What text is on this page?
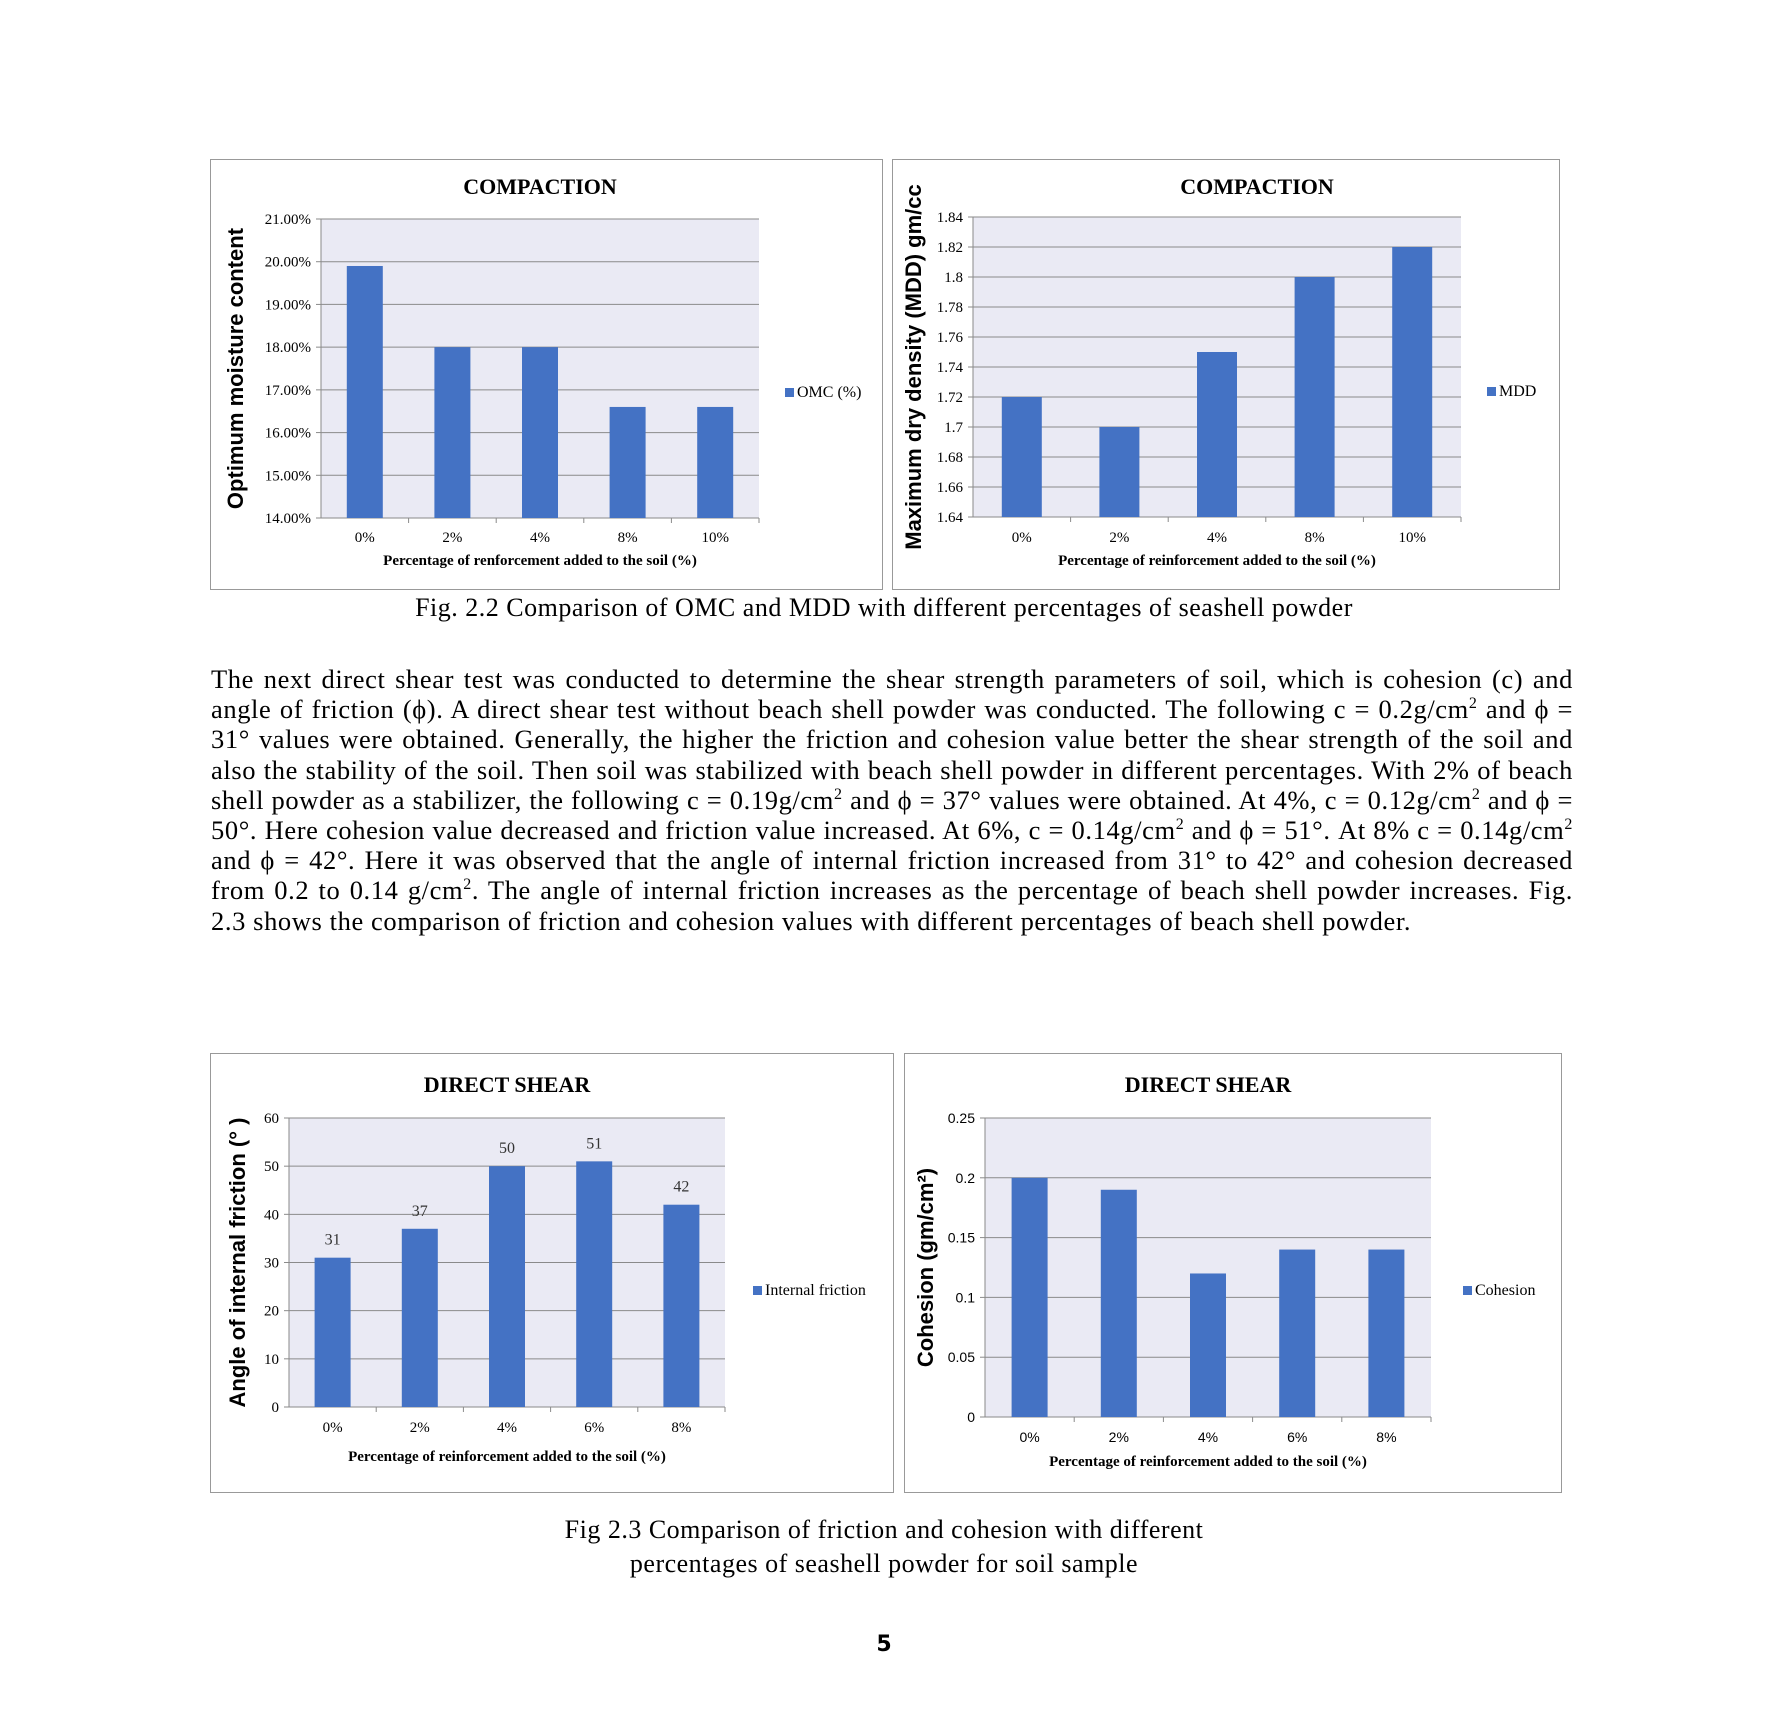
14.00%
15.00%
16.00%
17.00%
18.00%
19.00%
20.00%
21.00%
0%	2%	4%	8%	10%
COMPACTION
Percentage of renforcement added to the soil (%)
Optimum moisture content	OMC (%)
1.64
1.66
1.68
1.7
1.72
1.74
1.76
1.78
1.8
1.82
1.84
0%	2%	4%	8%	10%
COMPACTION
Percentage of reinforcement added to the soil (%)
Maximum dry density (MDD) gm/cc	MDD
Fig. 2.2 Comparison of OMC and MDD with different percentages of seashell powder

The next direct shear test was conducted to determine the shear strength parameters of soil, which is cohesion (c) and angle of friction (ϕ). A direct shear test without beach shell powder was conducted. The following $c = 0.2g/cm^2$ and ϕ = 31° values were obtained. Generally, the higher the friction and cohesion value better the shear strength of the soil and also the stability of the soil. Then soil was stabilized with beach shell powder in different percentages. With 2% of beach shell powder as a stabilizer, the following $c = 0.19g/cm^2$ and ϕ = 37° values were obtained. At 4%, $c = 0.12g/cm^2$ and ϕ = 50°. Here cohesion value decreased and friction value increased. At 6%, $c = 0.14g/cm^2$ and ϕ = 51°. At 8% $c = 0.14g/cm^2$ and ϕ = 42°. Here it was observed that the angle of internal friction increased from 31° to 42° and cohesion decreased from 0.2 to 0.14 $g/cm^2$. The angle of internal friction increases as the percentage of beach shell powder increases. Fig. 2.3 shows the comparison of friction and cohesion values with different percentages of beach shell powder.

0
10
20
30
40
50
60
31
0%
37
2%
50
4%
51
6%
42
8%
DIRECT SHEAR
Percentage of reinforcement added to the soil (%)
Angle of internal friction (° )	Internal friction
0
0.05
0.1
0.15
0.2
0.25
0%	2%	4%	6%	8%
DIRECT SHEAR
Percentage of reinforcement added to the soil (%)
Cohesion (gm/cm²)	Cohesion
Fig 2.3 Comparison of friction and cohesion with different
percentages of seashell powder for soil sample
5
